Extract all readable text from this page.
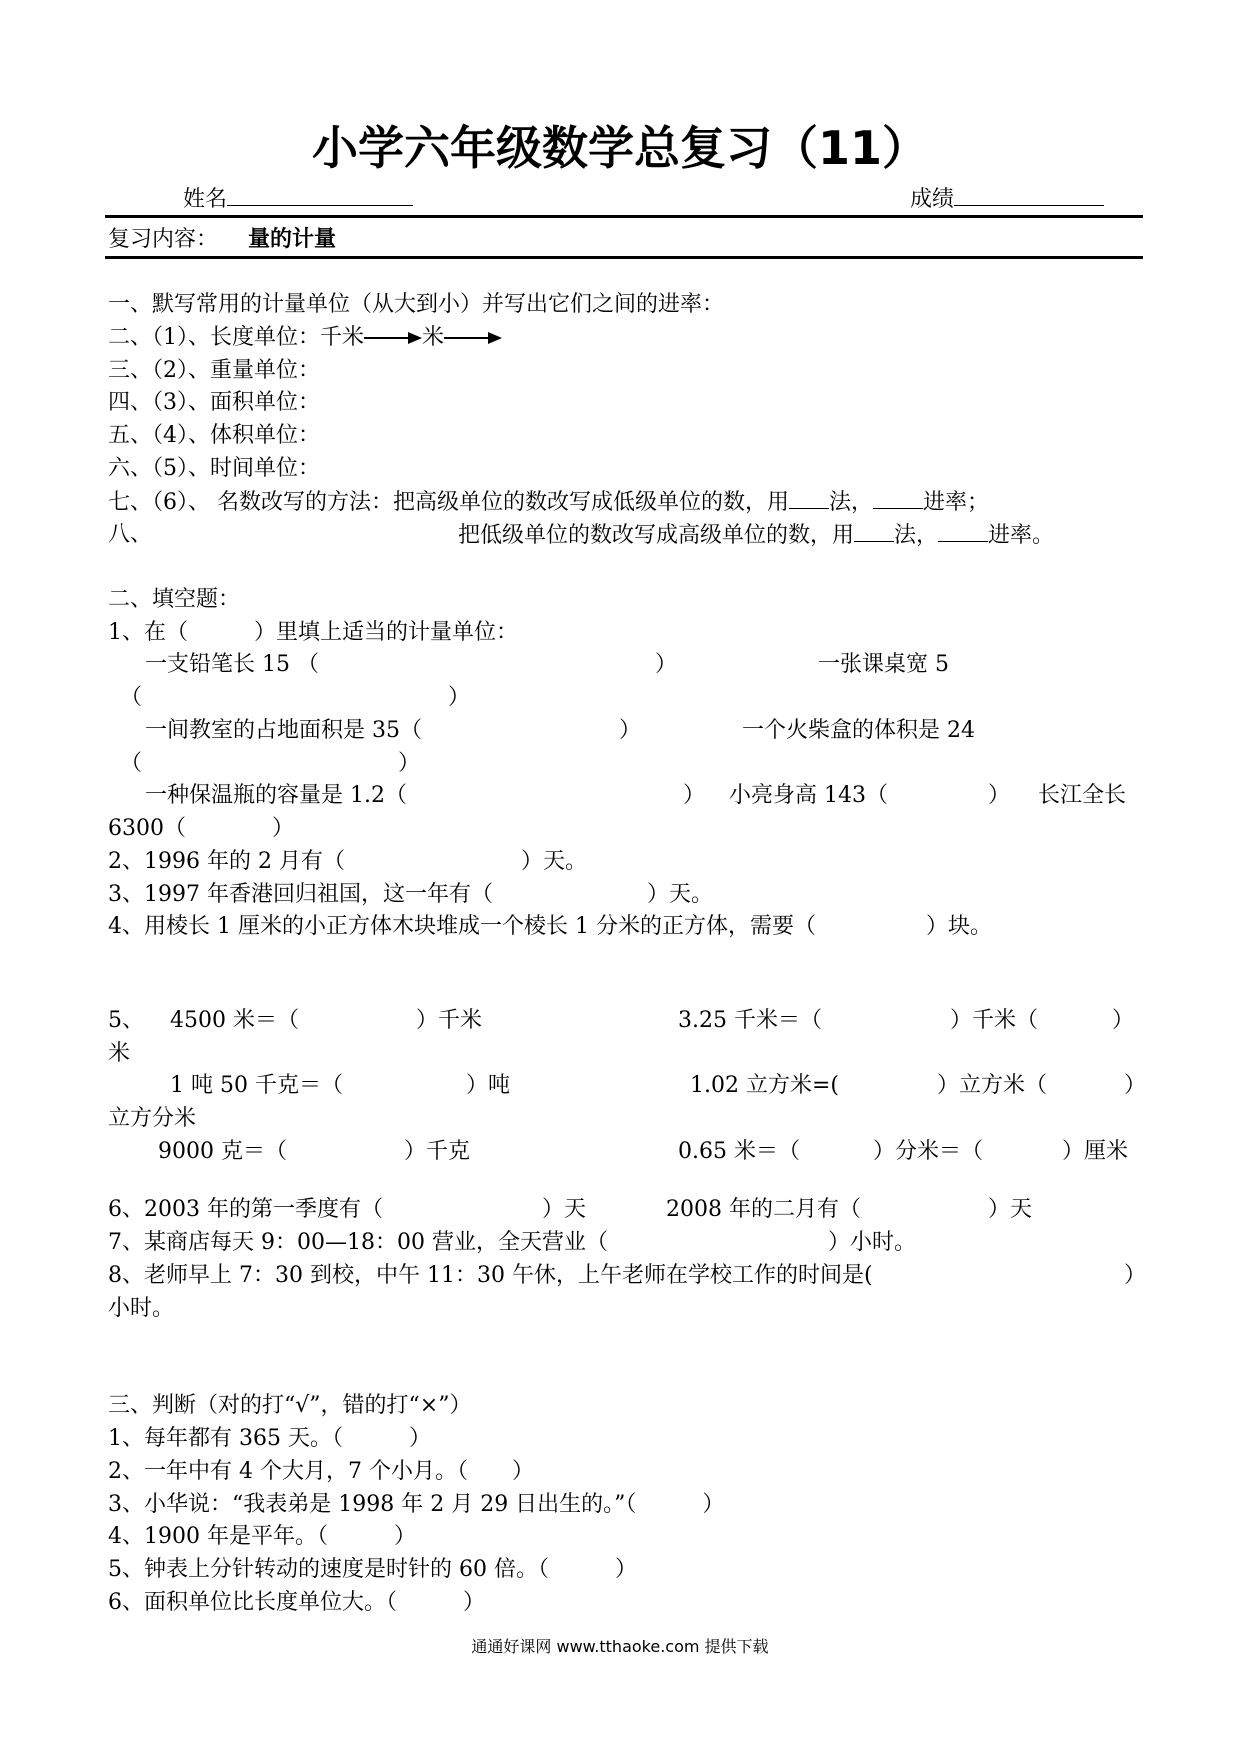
小学六年级数学总复习（11）
姓名	成绩
复习内容： 量的计量
一、默写常用的计量单位（从大到小）并写出它们之间的进率：
二、（1）、长度单位：千米	米
三、（2）、重量单位：
四、（3）、面积单位：
五、（4）、体积单位：
六、（5）、时间单位：
七、（6）、 名数改写的方法：把高级单位的数改写成低级单位的数，用 法， 进率；
八、	把低级单位的数改写成高级单位的数，用 法， 进率。
二、填空题：
1、在（　　　）里填上适当的计量单位：
一支铅笔长 15 （	）	一张课桌宽 5
（	）
一间教室的占地面积是 35（	）	一个火柴盒的体积是 24
（	）
一种保温瓶的容量是 1.2（	） 小亮身高 143（	） 长江全长
6300（	）
2、1996 年的 2 月有（　　　　　　　　）天。
3、1997 年香港回归祖国，这一年有（　　　　　　　）天。
4、用棱长 1 厘米的小正方体木块堆成一个棱长 1 分米的正方体，需要（　　　　　）块。
5、 4500 米＝（	）千米	3.25 千米＝（	）千米（	）
米
1 吨 50 千克＝（	）吨	1.02 立方米=(	）立方米（	）
立方分米
9000 克＝（	）千克	0.65 米＝（	）分米＝（	）厘米
6、2003 年的第一季度有（	）天	2008 年的二月有（	）天
7、某商店每天 9：00—18：00 营业，全天营业（　　　　　　　　　　）小时。
8、老师早上 7：30 到校，中午 11：30 午休，上午老师在学校工作的时间是(	）
小时。
三、判断（对的打“√”，错的打“×”）
1、每年都有 365 天。（　　　）
2、一年中有 4 个大月，7 个小月。（　　）
3、小华说：“我表弟是 1998 年 2 月 29 日出生的。”（　　　）
4、1900 年是平年。（　　　）
5、钟表上分针转动的速度是时针的 60 倍。（　　　）
6、面积单位比长度单位大。（　　　）
通通好课网 www.tthaoke.com 提供下载
